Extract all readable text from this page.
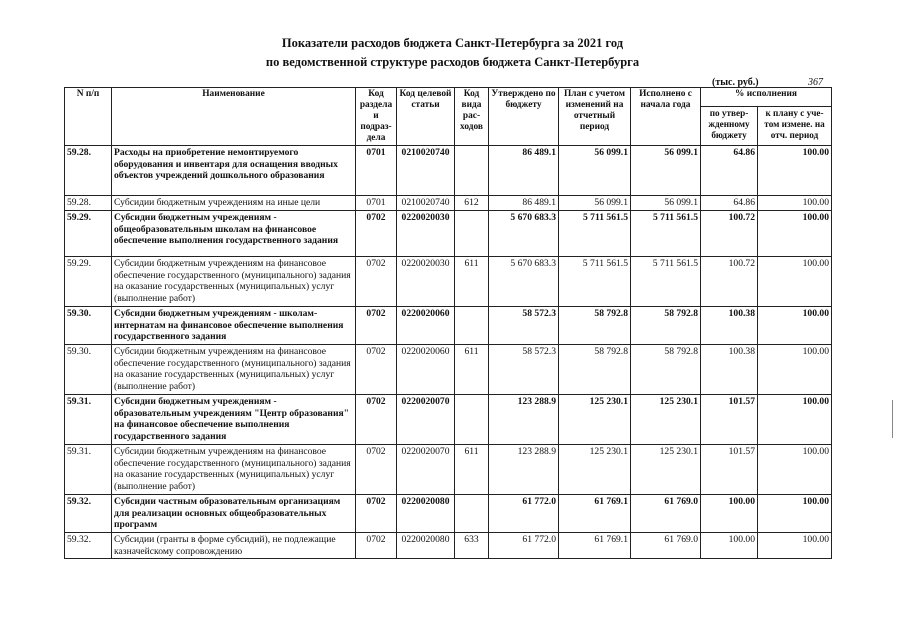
Показатели расходов бюджета Санкт-Петербурга за 2021 год
по ведомственной структуре расходов бюджета Санкт-Петербурга
(тыс. руб.)	367
N п/п	Наименование	Код раздела и подраз-дела	Код целевой статьи	Код вида рас-ходов	Утверждено по бюджету	План с учетом изменений на отчетный период	Исполнено с начала года	% исполнения	
								по утвер-жденному бюджету	к плану с уче-том измене. на отч. период
59.28.	Расходы на приобретение немонтируемого оборудования и инвентаря для оснащения вводных объектов учреждений дошкольного образования	0701	0210020740		86 489.1	56 099.1	56 099.1	64.86	100.00
59.28.	Субсидии бюджетным учреждениям на иные цели	0701	0210020740	612	86 489.1	56 099.1	56 099.1	64.86	100.00
59.29.	Субсидии бюджетным учреждениям - общеобразовательным школам на финансовое обеспечение выполнения государственного задания	0702	0220020030		5 670 683.3	5 711 561.5	5 711 561.5	100.72	100.00
59.29.	Субсидии бюджетным учреждениям на финансовое обеспечение государственного (муниципального) задания на оказание государственных (муниципальных) услуг (выполнение работ)	0702	0220020030	611	5 670 683.3	5 711 561.5	5 711 561.5	100.72	100.00
59.30.	Субсидии бюджетным учреждениям - школам-интернатам на финансовое обеспечение выполнения государственного задания	0702	0220020060		58 572.3	58 792.8	58 792.8	100.38	100.00
59.30.	Субсидии бюджетным учреждениям на финансовое обеспечение государственного (муниципального) задания на оказание государственных (муниципальных) услуг (выполнение работ)	0702	0220020060	611	58 572.3	58 792.8	58 792.8	100.38	100.00
59.31.	Субсидии бюджетным учреждениям - образовательным учреждениям "Центр образования" на финансовое обеспечение выполнения государственного задания	0702	0220020070		123 288.9	125 230.1	125 230.1	101.57	100.00
59.31.	Субсидии бюджетным учреждениям на финансовое обеспечение государственного (муниципального) задания на оказание государственных (муниципальных) услуг (выполнение работ)	0702	0220020070	611	123 288.9	125 230.1	125 230.1	101.57	100.00
59.32.	Субсидии частным образовательным организациям для реализации основных общеобразовательных программ	0702	0220020080		61 772.0	61 769.1	61 769.0	100.00	100.00
59.32.	Субсидии (гранты в форме субсидий), не подлежащие казначейскому сопровождению	0702	0220020080	633	61 772.0	61 769.1	61 769.0	100.00	100.00
